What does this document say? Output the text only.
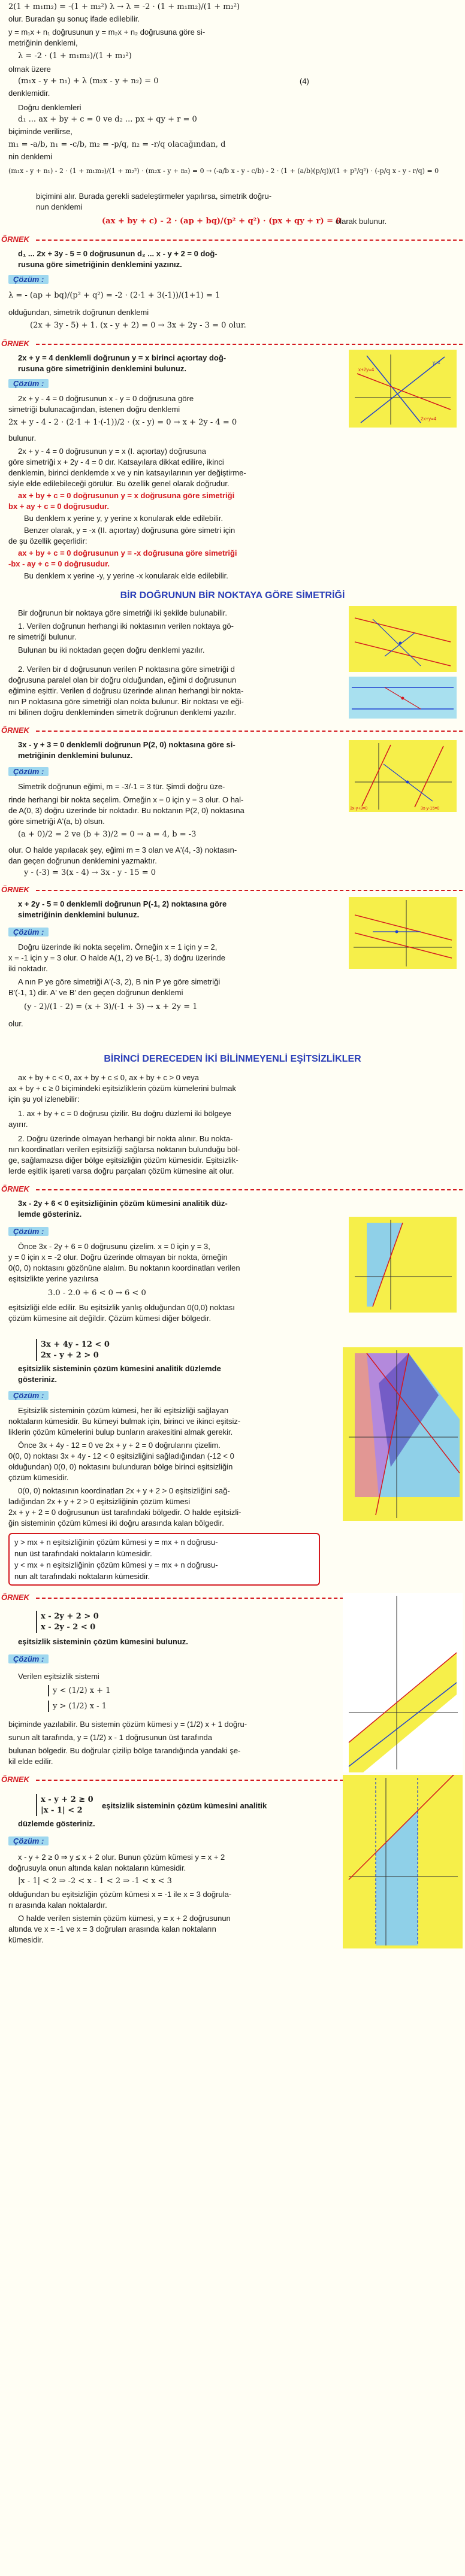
2(1 + m₁m₂) = -(1 + m₂²) λ → λ = -2 · (1 + m₁m₂)/(1 + m₂²)
olur. Buradan şu sonuç ifade edilebilir.
y = m₁x + n₁ doğrusunun y = m₂x + n₂ doğrusuna göre si-
metriğinin denklemi,
λ = -2 · (1 + m₁m₂)/(1 + m₂²)
olmak üzere
(m₁x - y + n₁) + λ (m₂x - y + n₂) = 0	(4)
denklemidir.
Doğru denklemleri
d₁ ... ax + by + c = 0 ve d₂ ... px + qy + r = 0
biçiminde verilirse,
m₁ = -a/b, n₁ = -c/b, m₂ = -p/q, n₂ = -r/q olacağından, d
nin denklemi
(m₁x - y + n₁) - 2 · (1 + m₁m₂)/(1 + m₂²) · (m₂x - y + n₂) = 0 → (-a/b x - y - c/b) - 2 · (1 + (a/b)(p/q))/(1 + p²/q²) · (-p/q x - y - r/q) = 0
biçimini alır. Burada gerekli sadeleştirmeler yapılırsa, simetrik doğru-
nun denklemi
(ax + by + c) - 2 · (ap + bq)/(p² + q²) · (px + qy + r) = 0
olarak bulunur.
ÖRNEK
d₁ ... 2x + 3y - 5 = 0 doğrusunun d₂ ... x - y + 2 = 0 doğ-
rusuna göre simetriğinin denklemini yazınız.
Çözüm :
λ = - (ap + bq)/(p² + q²) = -2 · (2·1 + 3(-1))/(1+1) = 1
olduğundan, simetrik doğrunun denklemi
(2x + 3y - 5) + 1. (x - y + 2) = 0 → 3x + 2y - 3 = 0 olur.
ÖRNEK
2x + y = 4 denklemli doğrunun y = x birinci açıortay doğ-
rusuna göre simetriğinin denklemini bulunuz.
Çözüm :
2x + y - 4 = 0 doğrusunun x - y = 0 doğrusuna göre
simetriği bulunacağından, istenen doğru denklemi
2x + y - 4 - 2 · (2·1 + 1·(-1))/2 · (x - y) = 0 → x + 2y - 4 = 0
bulunur.
2x + y - 4 = 0 doğrusunun y = x (I. açıortay) doğrusuna
göre simetriği x + 2y - 4 = 0 dır. Katsayılara dikkat edilire, ikinci
denklemin, birinci denklemde x ve y nin katsayılarının yer değiştirme-
siyle elde edilebileceği görülür. Bu özellik genel olarak doğrudur.
ax + by + c = 0 doğrusunun y = x doğrusuna göre simetriği
bx + ay + c = 0 doğrusudur.
Bu denklem x yerine y, y yerine x konularak elde edilebilir.
Benzer olarak, y = -x (II. açıortay) doğrusuna göre simetri için
de şu özellik geçerlidir:
ax + by + c = 0 doğrusunun y = -x doğrusuna göre simetriği
-bx - ay + c = 0 doğrusudur.
Bu denklem x yerine -y, y yerine -x konularak elde edilebilir.
2x+y=4
y=x
x+2y=4
BİR DOĞRUNUN BİR NOKTAYA GÖRE SİMETRİĞİ
Bir doğrunun bir noktaya göre simetriği iki şekilde bulunabilir.
1. Verilen doğrunun herhangi iki noktasının verilen noktaya gö-
re simetriği bulunur.
Bulunan bu iki noktadan geçen doğru denklemi yazılır.
2. Verilen bir d doğrusunun verilen P noktasına göre simetriği d
doğrusuna paralel olan bir doğru olduğundan, eğimi d doğrusunun
eğimine eşittir. Verilen d doğrusu üzerinde alınan herhangi bir nokta-
nın P noktasına göre simetriği olan nokta bulunur. Bir noktası ve eği-
mi bilinen doğru denkleminden simetrik doğrunun denklemi yazılır.
ÖRNEK
3x - y + 3 = 0 denklemli doğrunun P(2, 0) noktasına göre si-
metriğinin denklemini bulunuz.
Çözüm :
Simetrik doğrunun eğimi, m = -3/-1 = 3 tür. Şimdi doğru üze-
rinde herhangi bir nokta seçelim. Örneğin x = 0 için y = 3 olur. O hal-
de A(0, 3) doğru üzerinde bir noktadır. Bu noktanın P(2, 0) noktasına
göre simetriği A'(a, b) olsun.
(a + 0)/2 = 2 ve (b + 3)/2 = 0 → a = 4, b = -3
olur. O halde yapılacak şey, eğimi m = 3 olan ve A'(4, -3) noktasın-
dan geçen doğrunun denklemini yazmaktır.
y - (-3) = 3(x - 4) → 3x - y - 15 = 0
3x-y+3=0	3x-y-15=0
ÖRNEK
x + 2y - 5 = 0 denklemli doğrunun P(-1, 2) noktasına göre
simetriğinin denklemini bulunuz.
Çözüm :
Doğru üzerinde iki nokta seçelim. Örneğin x = 1 için y = 2,
x = -1 için y = 3 olur. O halde A(1, 2) ve B(-1, 3) doğru üzerinde
iki noktadır.
A nın P ye göre simetriği A'(-3, 2), B nin P ye göre simetriği
B'(-1, 1) dir. A' ve B' den geçen doğrunun denklemi
(y - 2)/(1 - 2) = (x + 3)/(-1 + 3) → x + 2y = 1
olur.
BİRİNCİ DERECEDEN İKİ BİLİNMEYENLİ EŞİTSİZLİKLER
ax + by + c < 0, ax + by + c ≤ 0, ax + by + c > 0 veya
ax + by + c ≥ 0 biçimindeki eşitsizliklerin çözüm kümelerini bulmak
için şu yol izlenebilir:
1. ax + by + c = 0 doğrusu çizilir. Bu doğru düzlemi iki bölgeye
ayırır.
2. Doğru üzerinde olmayan herhangi bir nokta alınır. Bu nokta-
nın koordinatları verilen eşitsizliği sağlarsa noktanın bulunduğu böl-
ge, sağlamazsa diğer bölge eşitsizliğin çözüm kümesidir. Eşitsizlik-
lerde eşitlik işareti varsa doğru parçaları çözüm kümesine ait olur.
ÖRNEK
3x - 2y + 6 < 0 eşitsizliğinin çözüm kümesini analitik düz-
lemde gösteriniz.
Çözüm :
Önce 3x - 2y + 6 = 0 doğrusunu çizelim. x = 0 için y = 3,
y = 0 için x = -2 olur. Doğru üzerinde olmayan bir nokta, örneğin
0(0, 0) noktasını gözönüne alalım. Bu noktanın koordinatları verilen
eşitsizlikte yerine yazılırsa
3.0 - 2.0 + 6 < 0 → 6 < 0
eşitsizliği elde edilir. Bu eşitsizlik yanlış olduğundan 0(0,0) noktası
çözüm kümesine ait değildir. Çözüm kümesi diğer bölgedir.
3x + 4y - 12 < 0
2x - y + 2 > 0
eşitsizlik sisteminin çözüm kümesini analitik düzlemde
gösteriniz.
Çözüm :
Eşitsizlik sisteminin çözüm kümesi, her iki eşitsizliği sağlayan
noktaların kümesidir. Bu kümeyi bulmak için, birinci ve ikinci eşitsiz-
liklerin çözüm kümelerini bulup bunların arakesitini almak gerekir.
Önce 3x + 4y - 12 = 0 ve 2x + y + 2 = 0 doğrularını çizelim.
0(0, 0) noktası 3x + 4y - 12 < 0 eşitsizliğini sağladığından (-12 < 0
olduğundan) 0(0, 0) noktasını bulunduran bölge birinci eşitsizliğin
çözüm kümesidir.
0(0, 0) noktasının koordinatları 2x + y + 2 > 0 eşitsizliğini sağ-
ladığından 2x + y + 2 > 0 eşitsizliğinin çözüm kümesi
2x + y + 2 = 0 doğrusunun üst tarafındaki bölgedir. O halde eşitsizli-
ğin sisteminin çözüm kümesi iki doğru arasında kalan bölgedir.
y > mx + n eşitsizliğinin çözüm kümesi y = mx + n doğrusu-
nun üst tarafındaki noktaların kümesidir.
y < mx + n eşitsizliğinin çözüm kümesi y = mx + n doğrusu-
nun alt tarafındaki noktaların kümesidir.
ÖRNEK
x - 2y + 2 > 0
x - 2y - 2 < 0
eşitsizlik sisteminin çözüm kümesini bulunuz.
Çözüm :
Verilen eşitsizlik sistemi
y < (1/2) x + 1
y > (1/2) x - 1
biçiminde yazılabilir. Bu sistemin çözüm kümesi y = (1/2) x + 1 doğru-
sunun alt tarafında, y = (1/2) x - 1 doğrusunun üst tarafında
bulunan bölgedir. Bu doğrular çizilip bölge tarandığında yandaki şe-
kil elde edilir.
ÖRNEK
x - y + 2 ≥ 0
|x - 1| < 2
eşitsizlik sisteminin çözüm kümesini analitik
düzlemde gösteriniz.
Çözüm :
x - y + 2 ≥ 0 ⇒ y ≤ x + 2 olur. Bunun çözüm kümesi y = x + 2
doğrusuyla onun altında kalan noktaların kümesidir.
|x - 1| < 2 ⇒ -2 < x - 1 < 2 ⇒ -1 < x < 3
olduğundan bu eşitsizliğin çözüm kümesi x = -1 ile x = 3 doğrula-
rı arasında kalan noktalardır.
O halde verilen sistemin çözüm kümesi, y = x + 2 doğrusunun
altında ve x = -1 ve x = 3 doğruları arasında kalan noktaların
kümesidir.
